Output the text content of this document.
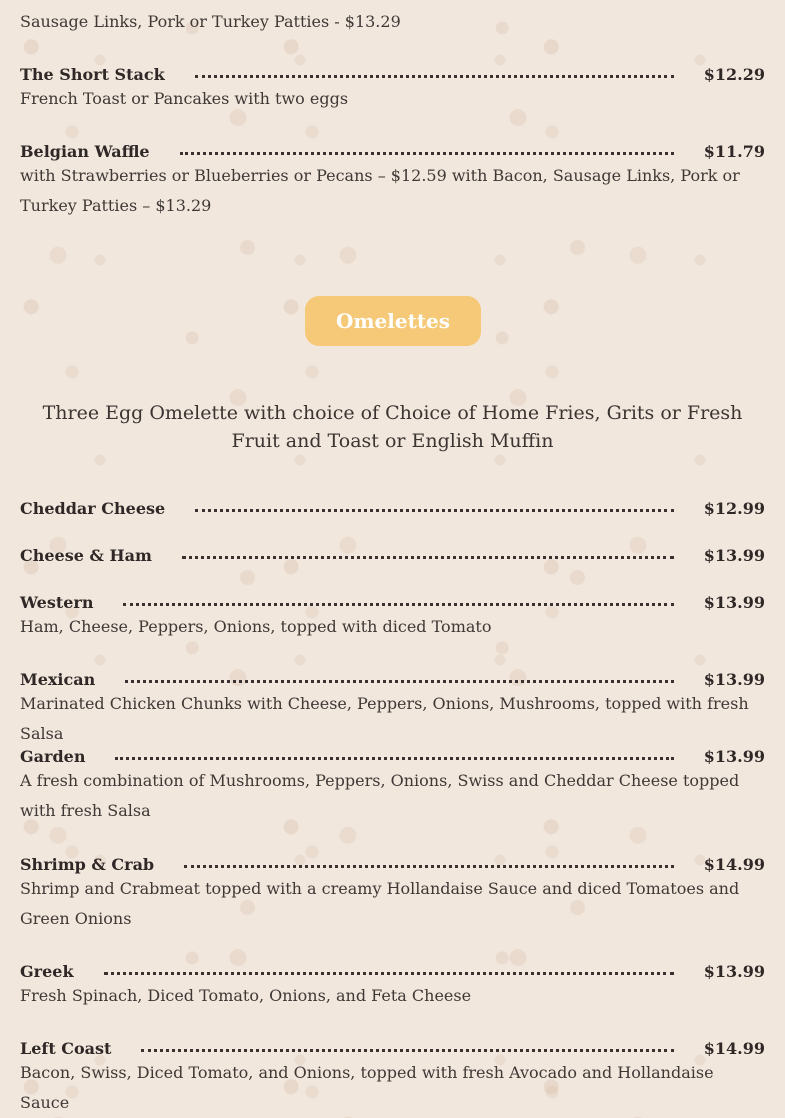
Sausage Links, Pork or Turkey Patties - $13.29
The Short Stack	$12.29
French Toast or Pancakes with two eggs
Belgian Waffle	$11.79
with Strawberries or Blueberries or Pecans – $12.59 with Bacon, Sausage Links, Pork or Turkey Patties – $13.29
Omelettes
Three Egg Omelette with choice of Choice of Home Fries, Grits or Fresh Fruit and Toast or English Muffin
Cheddar Cheese	$12.99
Cheese & Ham	$13.99
Western	$13.99
Ham, Cheese, Peppers, Onions, topped with diced Tomato
Mexican	$13.99
Marinated Chicken Chunks with Cheese, Peppers, Onions, Mushrooms, topped with fresh Salsa
Garden	$13.99
A fresh combination of Mushrooms, Peppers, Onions, Swiss and Cheddar Cheese topped with fresh Salsa
Shrimp & Crab	$14.99
Shrimp and Crabmeat topped with a creamy Hollandaise Sauce and diced Tomatoes and Green Onions
Greek	$13.99
Fresh Spinach, Diced Tomato, Onions, and Feta Cheese
Left Coast	$14.99
Bacon, Swiss, Diced Tomato, and Onions, topped with fresh Avocado and Hollandaise Sauce
